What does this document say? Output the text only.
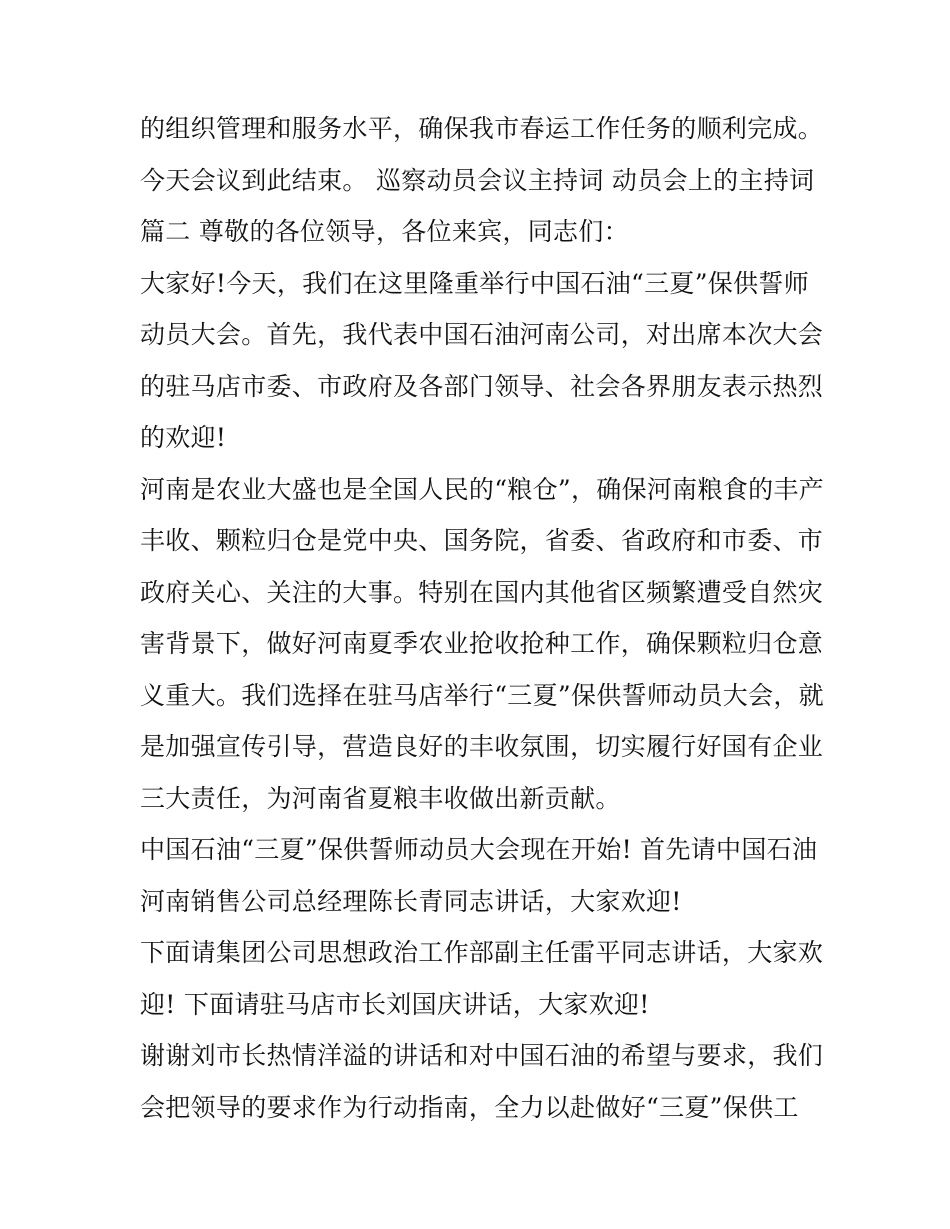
的组织管理和服务水平，确保我市春运工作任务的顺利完成。
今天会议到此结束。 巡察动员会议主持词 动员会上的主持词
篇二 尊敬的各位领导，各位来宾，同志们：
大家好!今天，我们在这里隆重举行中国石油“三夏”保供誓师
动员大会。首先，我代表中国石油河南公司，对出席本次大会
的驻马店市委、市政府及各部门领导、社会各界朋友表示热烈
的欢迎!
河南是农业大盛也是全国人民的“粮仓”，确保河南粮食的丰产
丰收、颗粒归仓是党中央、国务院，省委、省政府和市委、市
政府关心、关注的大事。特别在国内其他省区频繁遭受自然灾
害背景下，做好河南夏季农业抢收抢种工作，确保颗粒归仓意
义重大。我们选择在驻马店举行“三夏”保供誓师动员大会，就
是加强宣传引导，营造良好的丰收氛围，切实履行好国有企业
三大责任，为河南省夏粮丰收做出新贡献。
中国石油“三夏”保供誓师动员大会现在开始! 首先请中国石油
河南销售公司总经理陈长青同志讲话，大家欢迎!
下面请集团公司思想政治工作部副主任雷平同志讲话，大家欢
迎! 下面请驻马店市长刘国庆讲话，大家欢迎!
谢谢刘市长热情洋溢的讲话和对中国石油的希望与要求，我们
会把领导的要求作为行动指南，全力以赴做好“三夏”保供工
